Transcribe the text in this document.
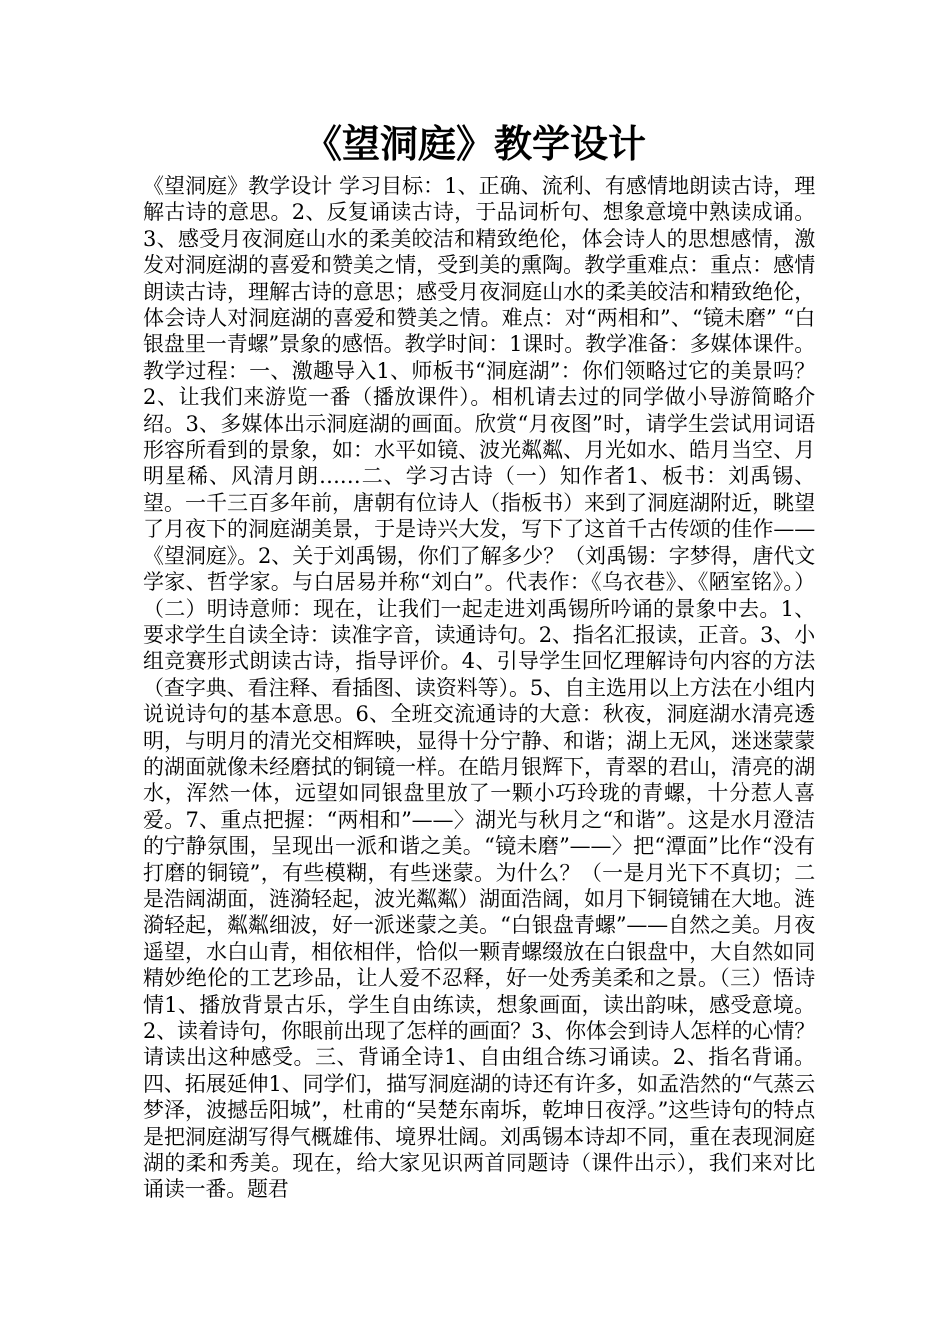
《望洞庭》教学设计

《望洞庭》教学设计 学习目标：1、正确、流利、有感情地朗读古诗，理解古诗的意思。2、反复诵读古诗，于品词析句、想象意境中熟读成诵。3、感受月夜洞庭山水的柔美皎洁和精致绝伦，体会诗人的思想感情，激发对洞庭湖的喜爱和赞美之情，受到美的熏陶。教学重难点：重点：感情朗读古诗，理解古诗的意思；感受月夜洞庭山水的柔美皎洁和精致绝伦，体会诗人对洞庭湖的喜爱和赞美之情。难点：对“两相和”、“镜未磨” “白银盘里一青螺”景象的感悟。教学时间：1课时。教学准备：多媒体课件。教学过程：一、激趣导入1、师板书“洞庭湖”：你们领略过它的美景吗？2、让我们来游览一番（播放课件）。相机请去过的同学做小导游简略介绍。3、多媒体出示洞庭湖的画面。欣赏“月夜图”时，请学生尝试用词语形容所看到的景象，如：水平如镜、波光粼粼、月光如水、皓月当空、月明星稀、风清月朗……二、学习古诗（一）知作者1、板书：刘禹锡、望。一千三百多年前，唐朝有位诗人（指板书）来到了洞庭湖附近，眺望了月夜下的洞庭湖美景，于是诗兴大发，写下了这首千古传颂的佳作——《望洞庭》。2、关于刘禹锡，你们了解多少？（刘禹锡：字梦得，唐代文学家、哲学家。与白居易并称“刘白”。代表作：《乌衣巷》、《陋室铭》。）（二）明诗意师：现在，让我们一起走进刘禹锡所吟诵的景象中去。1、要求学生自读全诗：读准字音，读通诗句。2、指名汇报读，正音。3、小组竞赛形式朗读古诗，指导评价。4、引导学生回忆理解诗句内容的方法（查字典、看注释、看插图、读资料等）。5、自主选用以上方法在小组内说说诗句的基本意思。6、全班交流通诗的大意：秋夜，洞庭湖水清亮透明，与明月的清光交相辉映，显得十分宁静、和谐；湖上无风，迷迷蒙蒙的湖面就像未经磨拭的铜镜一样。在皓月银辉下，青翠的君山，清亮的湖水，浑然一体，远望如同银盘里放了一颗小巧玲珑的青螺，十分惹人喜爱。7、重点把握：“两相和”——〉湖光与秋月之“和谐”。这是水月澄洁的宁静氛围，呈现出一派和谐之美。“镜未磨”——〉把“潭面”比作“没有打磨的铜镜”，有些模糊，有些迷蒙。为什么？（一是月光下不真切；二是浩阔湖面，涟漪轻起，波光粼粼）湖面浩阔，如月下铜镜铺在大地。涟漪轻起，粼粼细波，好一派迷蒙之美。“白银盘青螺”——自然之美。月夜遥望，水白山青，相依相伴，恰似一颗青螺缀放在白银盘中，大自然如同精妙绝伦的工艺珍品，让人爱不忍释，好一处秀美柔和之景。（三）悟诗情1、播放背景古乐，学生自由练读，想象画面，读出韵味，感受意境。2、读着诗句，你眼前出现了怎样的画面？3、你体会到诗人怎样的心情？请读出这种感受。三、背诵全诗1、自由组合练习诵读。2、指名背诵。四、拓展延伸1、同学们，描写洞庭湖的诗还有许多，如孟浩然的“气蒸云梦泽，波撼岳阳城”，杜甫的“吴楚东南坼，乾坤日夜浮。”这些诗句的特点是把洞庭湖写得气概雄伟、境界壮阔。刘禹锡本诗却不同，重在表现洞庭湖的柔和秀美。现在，给大家见识两首同题诗（课件出示），我们来对比诵读一番。题君
